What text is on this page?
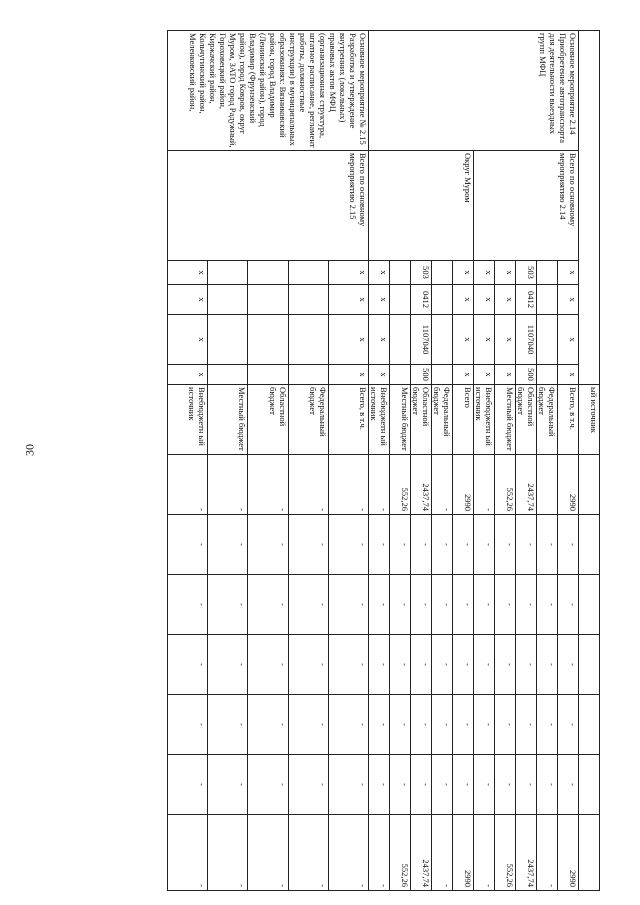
30
						ый источник							
Основное мероприятие 2.14 Приобретение автотранспорта для деятельности выездных групп МФЦ	Всего по основному мероприятию 2.14	х	х	х	х	Всего, в т.ч.	2990	-	-	-	-	-	2990
						Федеральный бюджет		-	-	-	-	-	-
		503	0412	1107040	500	Областной бюджет	2437,74	-	-	-	-	-	2437,74
		х	х	х	х	Местный бюджет	552,26	-	-	-	-	-	552,26
		х	х	х	х	Внебюджетн ый источник	-	-	-	-	-	-	-
	Округ Муром	х	х	х	х	Всего	2990	-	-	-	-	-	2990
						Федеральный бюджет	-	-	-	-	-	-	-
		503	0412	1107040	500	Областной бюджет	2437,74	-	-	-	-	-	2437,74
						Местный бюджет	552,26	-	-	-	-	-	552,26
		х	х	х	х	Внебюджетн ый источник	-	-	-	-	-	-	-
Основное мероприятие № 2.15 Разработка и утверждение внутренних (локальных) правовых актов МФЦ (организационная структура, штатное расписание, регламент работы, должностные инструкции) в муниципальных образованиях: Вязниковский район, город Владимир (Ленинский район), город Владимир (Фрунзенский район), город Ковров, округ Муром, ЗАТО город Радужный, Гороховецкий район, Киржачский район, Кольчугинский район, Меленковский район,	Всего по основному мероприятию 2.15	х	х	х	х	Всего, в т.ч.	-	-	-	-	-	-	-
						Федеральный бюджет	-	-	-	-	-	-	-
						Областной бюджет	-	-	-	-	-	-	-
						Местный бюджет	-	-	-	-	-	-	-
		х	х	х	х	Внебюджетн ый источник	-	-	-	-	-	-	-
